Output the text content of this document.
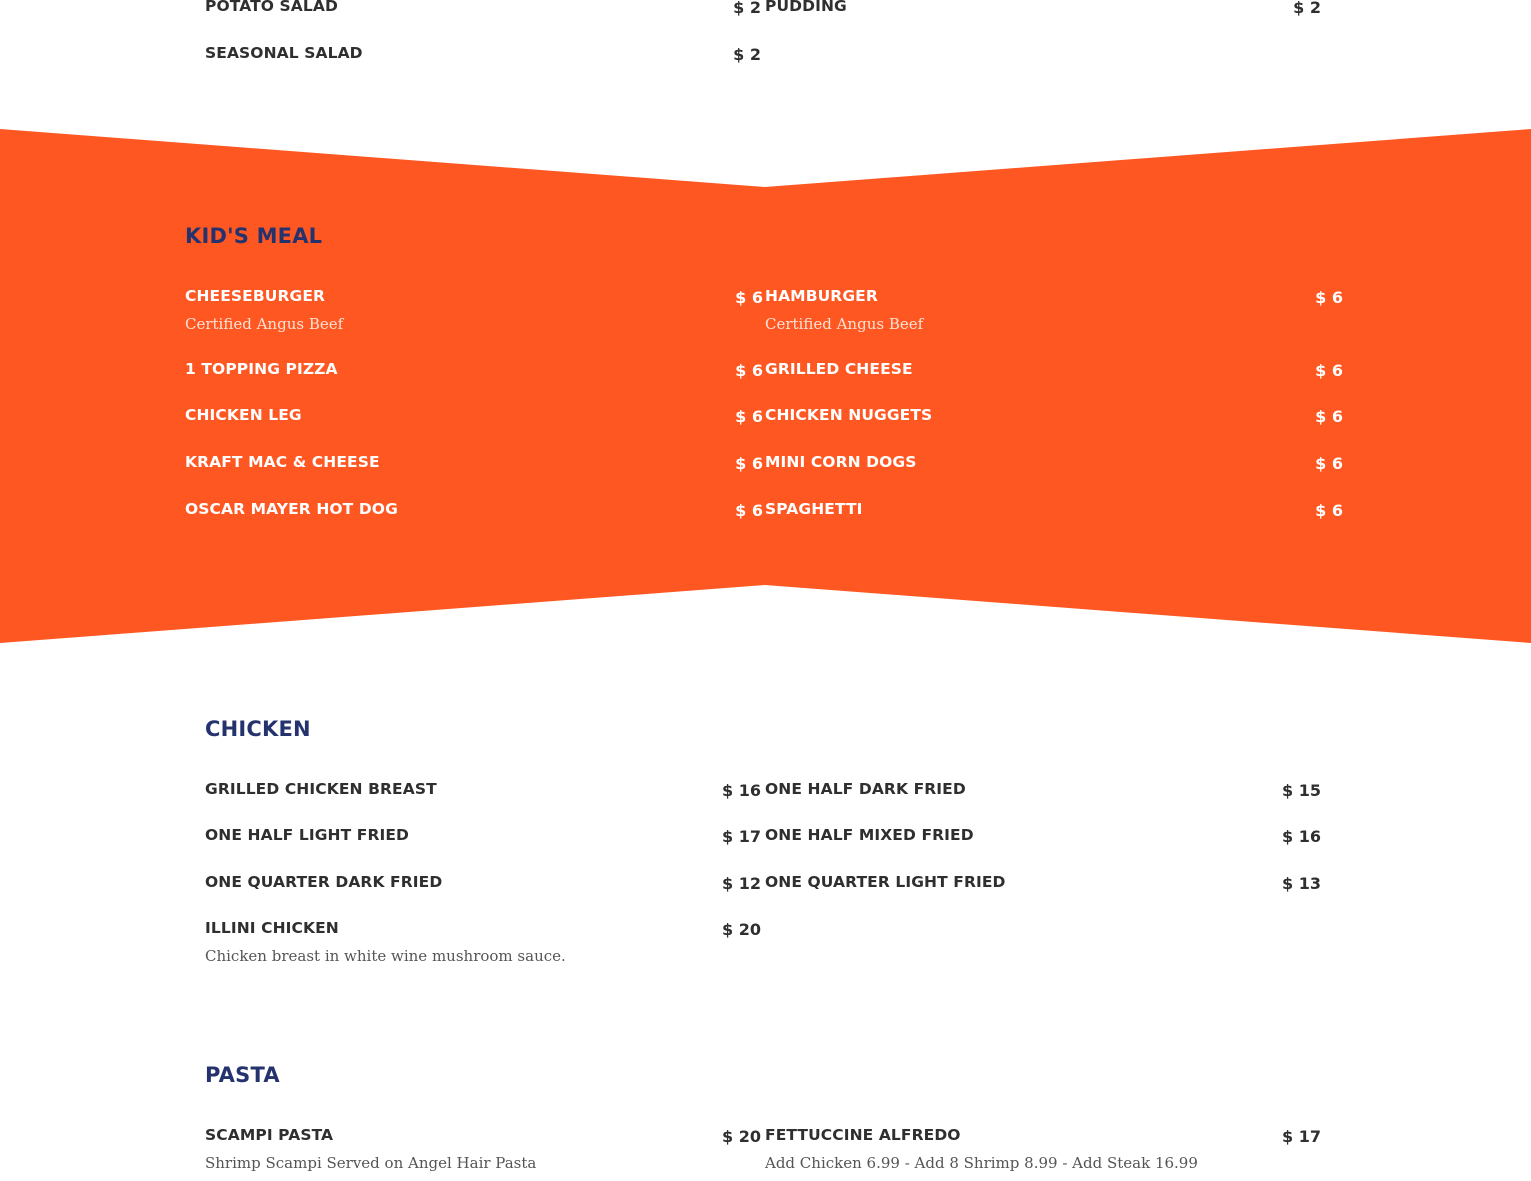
POTATO SALAD	$ 2
SEASONAL SALAD	$ 2
PUDDING	$ 2
KID'S MEAL
CHEESEBURGER	$ 6
Certified Angus Beef
1 TOPPING PIZZA	$ 6
CHICKEN LEG	$ 6
KRAFT MAC & CHEESE	$ 6
OSCAR MAYER HOT DOG	$ 6
HAMBURGER	$ 6
Certified Angus Beef
GRILLED CHEESE	$ 6
CHICKEN NUGGETS	$ 6
MINI CORN DOGS	$ 6
SPAGHETTI	$ 6
CHICKEN
GRILLED CHICKEN BREAST	$ 16
ONE HALF LIGHT FRIED	$ 17
ONE QUARTER DARK FRIED	$ 12
ILLINI CHICKEN	$ 20
Chicken breast in white wine mushroom sauce.
ONE HALF DARK FRIED	$ 15
ONE HALF MIXED FRIED	$ 16
ONE QUARTER LIGHT FRIED	$ 13
PASTA
SCAMPI PASTA	$ 20
Shrimp Scampi Served on Angel Hair Pasta
FETTUCCINE ALFREDO	$ 17
Add Chicken 6.99 - Add 8 Shrimp 8.99 - Add Steak 16.99
